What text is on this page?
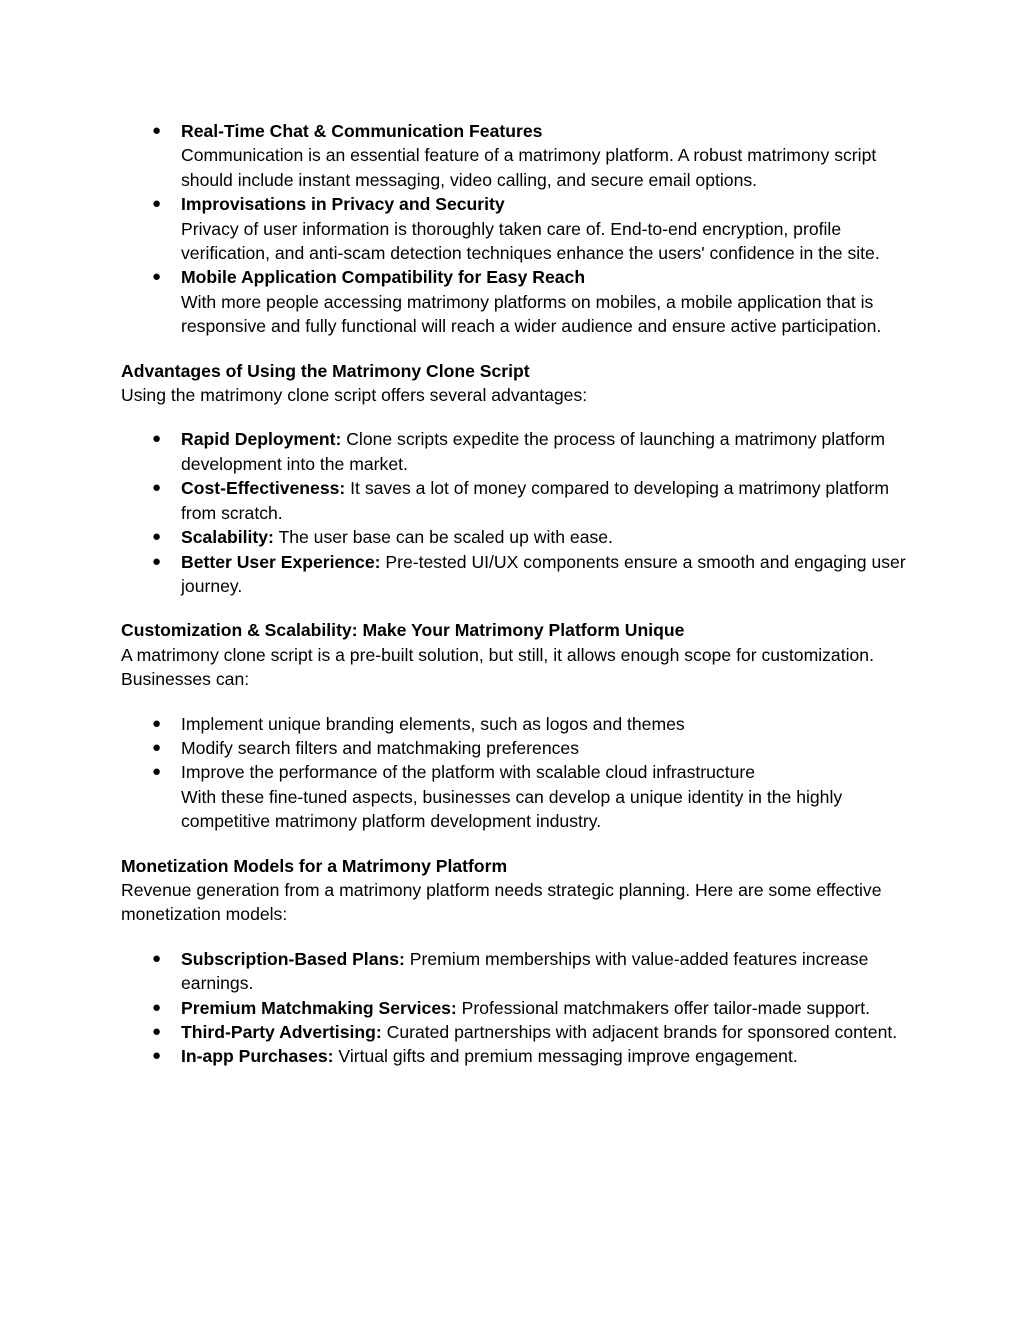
● Real-Time Chat & Communication Features
Communication is an essential feature of a matrimony platform. A robust matrimony script should include instant messaging, video calling, and secure email options.
● Improvisations in Privacy and Security
Privacy of user information is thoroughly taken care of. End-to-end encryption, profile verification, and anti-scam detection techniques enhance the users' confidence in the site.
● Mobile Application Compatibility for Easy Reach
With more people accessing matrimony platforms on mobiles, a mobile application that is responsive and fully functional will reach a wider audience and ensure active participation.
Advantages of Using the Matrimony Clone Script
Using the matrimony clone script offers several advantages:
● Rapid Deployment: Clone scripts expedite the process of launching a matrimony platform development into the market.
● Cost-Effectiveness: It saves a lot of money compared to developing a matrimony platform from scratch.
● Scalability: The user base can be scaled up with ease.
● Better User Experience: Pre-tested UI/UX components ensure a smooth and engaging user journey.
Customization & Scalability: Make Your Matrimony Platform Unique
A matrimony clone script is a pre-built solution, but still, it allows enough scope for customization. Businesses can:
● Implement unique branding elements, such as logos and themes
● Modify search filters and matchmaking preferences
● Improve the performance of the platform with scalable cloud infrastructure
With these fine-tuned aspects, businesses can develop a unique identity in the highly competitive matrimony platform development industry.
Monetization Models for a Matrimony Platform
Revenue generation from a matrimony platform needs strategic planning. Here are some effective monetization models:
● Subscription-Based Plans: Premium memberships with value-added features increase earnings.
● Premium Matchmaking Services: Professional matchmakers offer tailor-made support.
● Third-Party Advertising: Curated partnerships with adjacent brands for sponsored content.
● In-app Purchases: Virtual gifts and premium messaging improve engagement.
